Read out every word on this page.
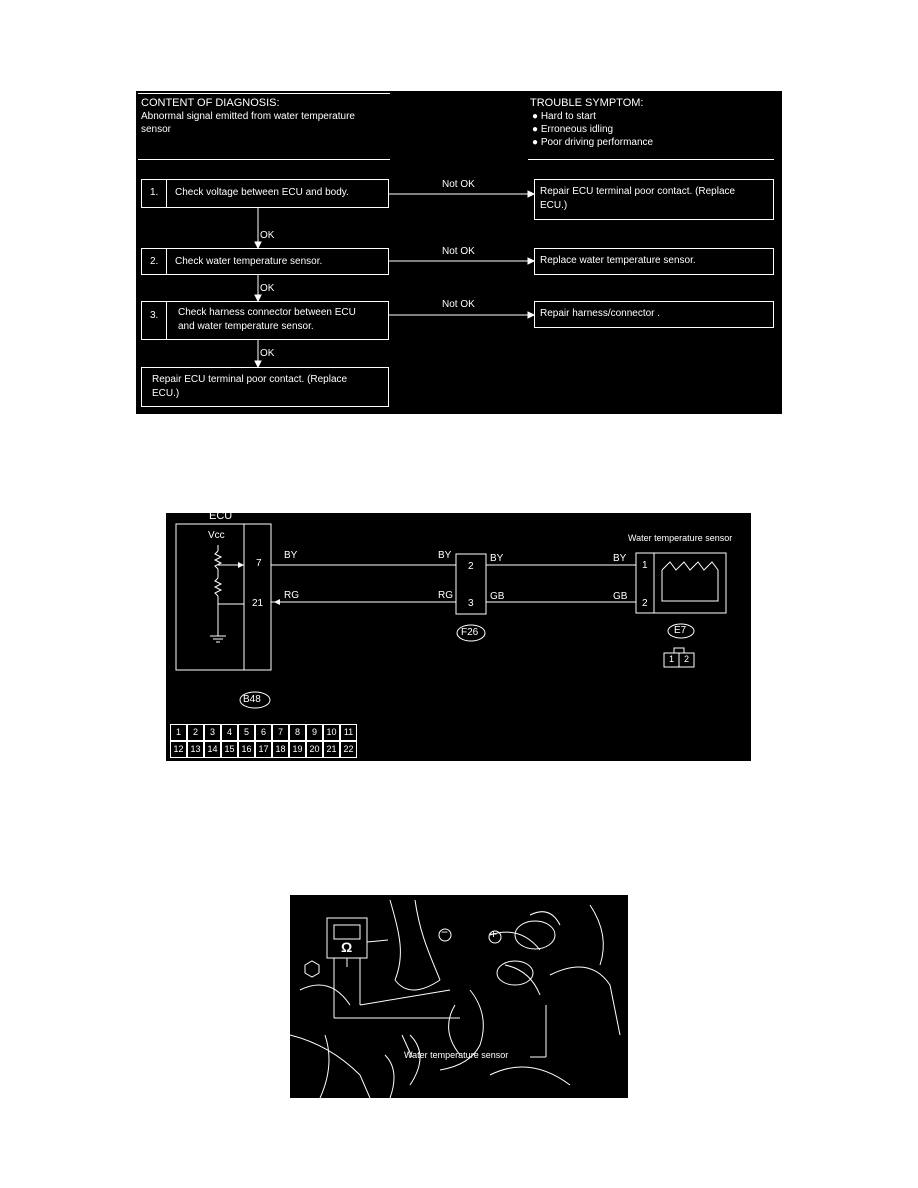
CONTENT OF DIAGNOSIS:
Abnormal signal emitted from water temperature
sensor
TROUBLE SYMPTOM:
● Hard to start
● Erroneous idling
● Poor driving performance
1. Check voltage between ECU and body.
2. Check water temperature sensor.
3. Check harness connector between ECU
and water temperature sensor.
Repair ECU terminal poor contact. (Replace
ECU.)
Repair ECU terminal poor contact. (Replace
ECU.)
Replace water temperature sensor.
Repair harness/connector .
Not OK
Not OK
Not OK
OK
OK
OK
ECU
Vcc
7
21
BY
RG
BY
RG
2
3
BY
GB
F26
BY
GB
1
2
Water temperature sensor
E7
1 2
B48
1	2	3	4	5	6	7	8	9	10 11
12 13 14 15 16 17 18 19 20 21 22
Ω
−	+
Water temperature sensor
